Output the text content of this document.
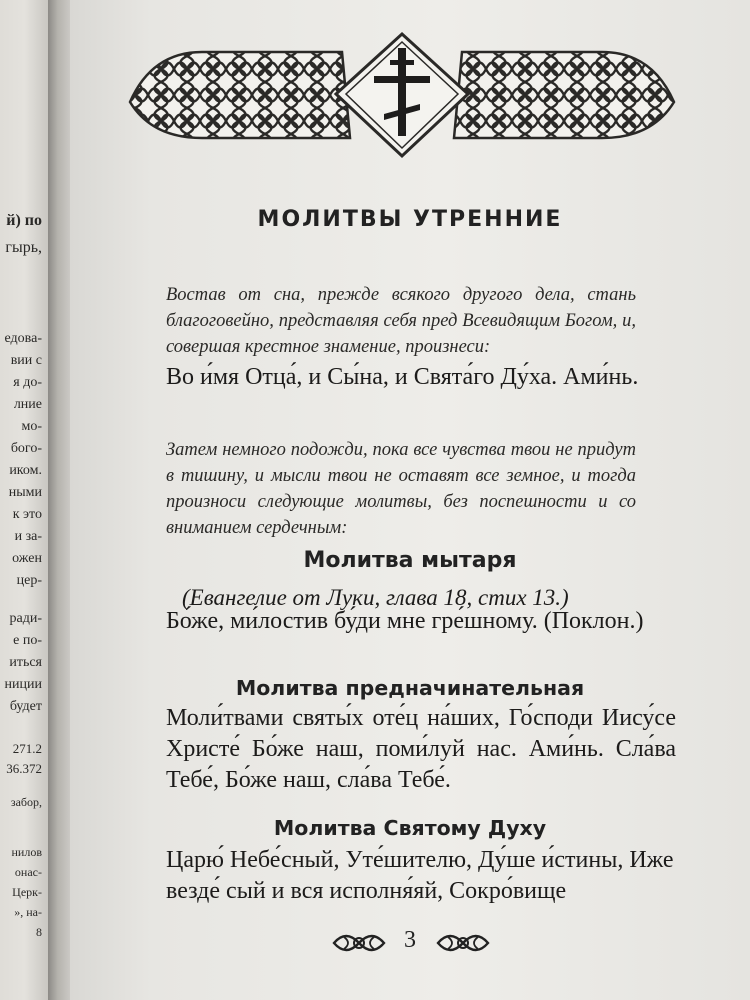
й) по
гырь,
едова-
вии с
я до-
лние
мо-
бого-
иком.
ными
к это
и за-
ожен
цер-
ради-
е по-
иться
ниции
будет
271.2
36.372
забор,
нилов
онас-
Церк-
», на-
8
МОЛИТВЫ УТРЕННИЕ
Востав от сна, прежде всякого другого дела, стань благоговейно, представляя себя пред Всевидящим Богом, и, совершая крестное знамение, произнеси:
Во и́мя Отца́, и Сы́на, и Свята́го Ду́ха. Ами́нь.
Затем немного подожди, пока все чувства твои не придут в тишину, и мысли твои не оставят все земное, и тогда произноси следующие молитвы, без поспешности и со вниманием сердечным:
Молитва мытаря
(Евангелие от Луки, глава 18, стих 13.)
Бо́же, ми́лостив бу́ди мне гре́шному. (Поклон.)
Молитва предначинательная
Моли́твами святы́х оте́ц на́ших, Го́споди Иису́се Христе́ Бо́же наш, поми́луй нас. Ами́нь. Сла́ва Тебе́, Бо́же наш, сла́ва Тебе́.
Молитва Святому Духу
Царю́ Небе́сный, Уте́шителю, Ду́ше и́стины, Иже везде́ сый и вся исполня́яй, Сокро́вище
3
